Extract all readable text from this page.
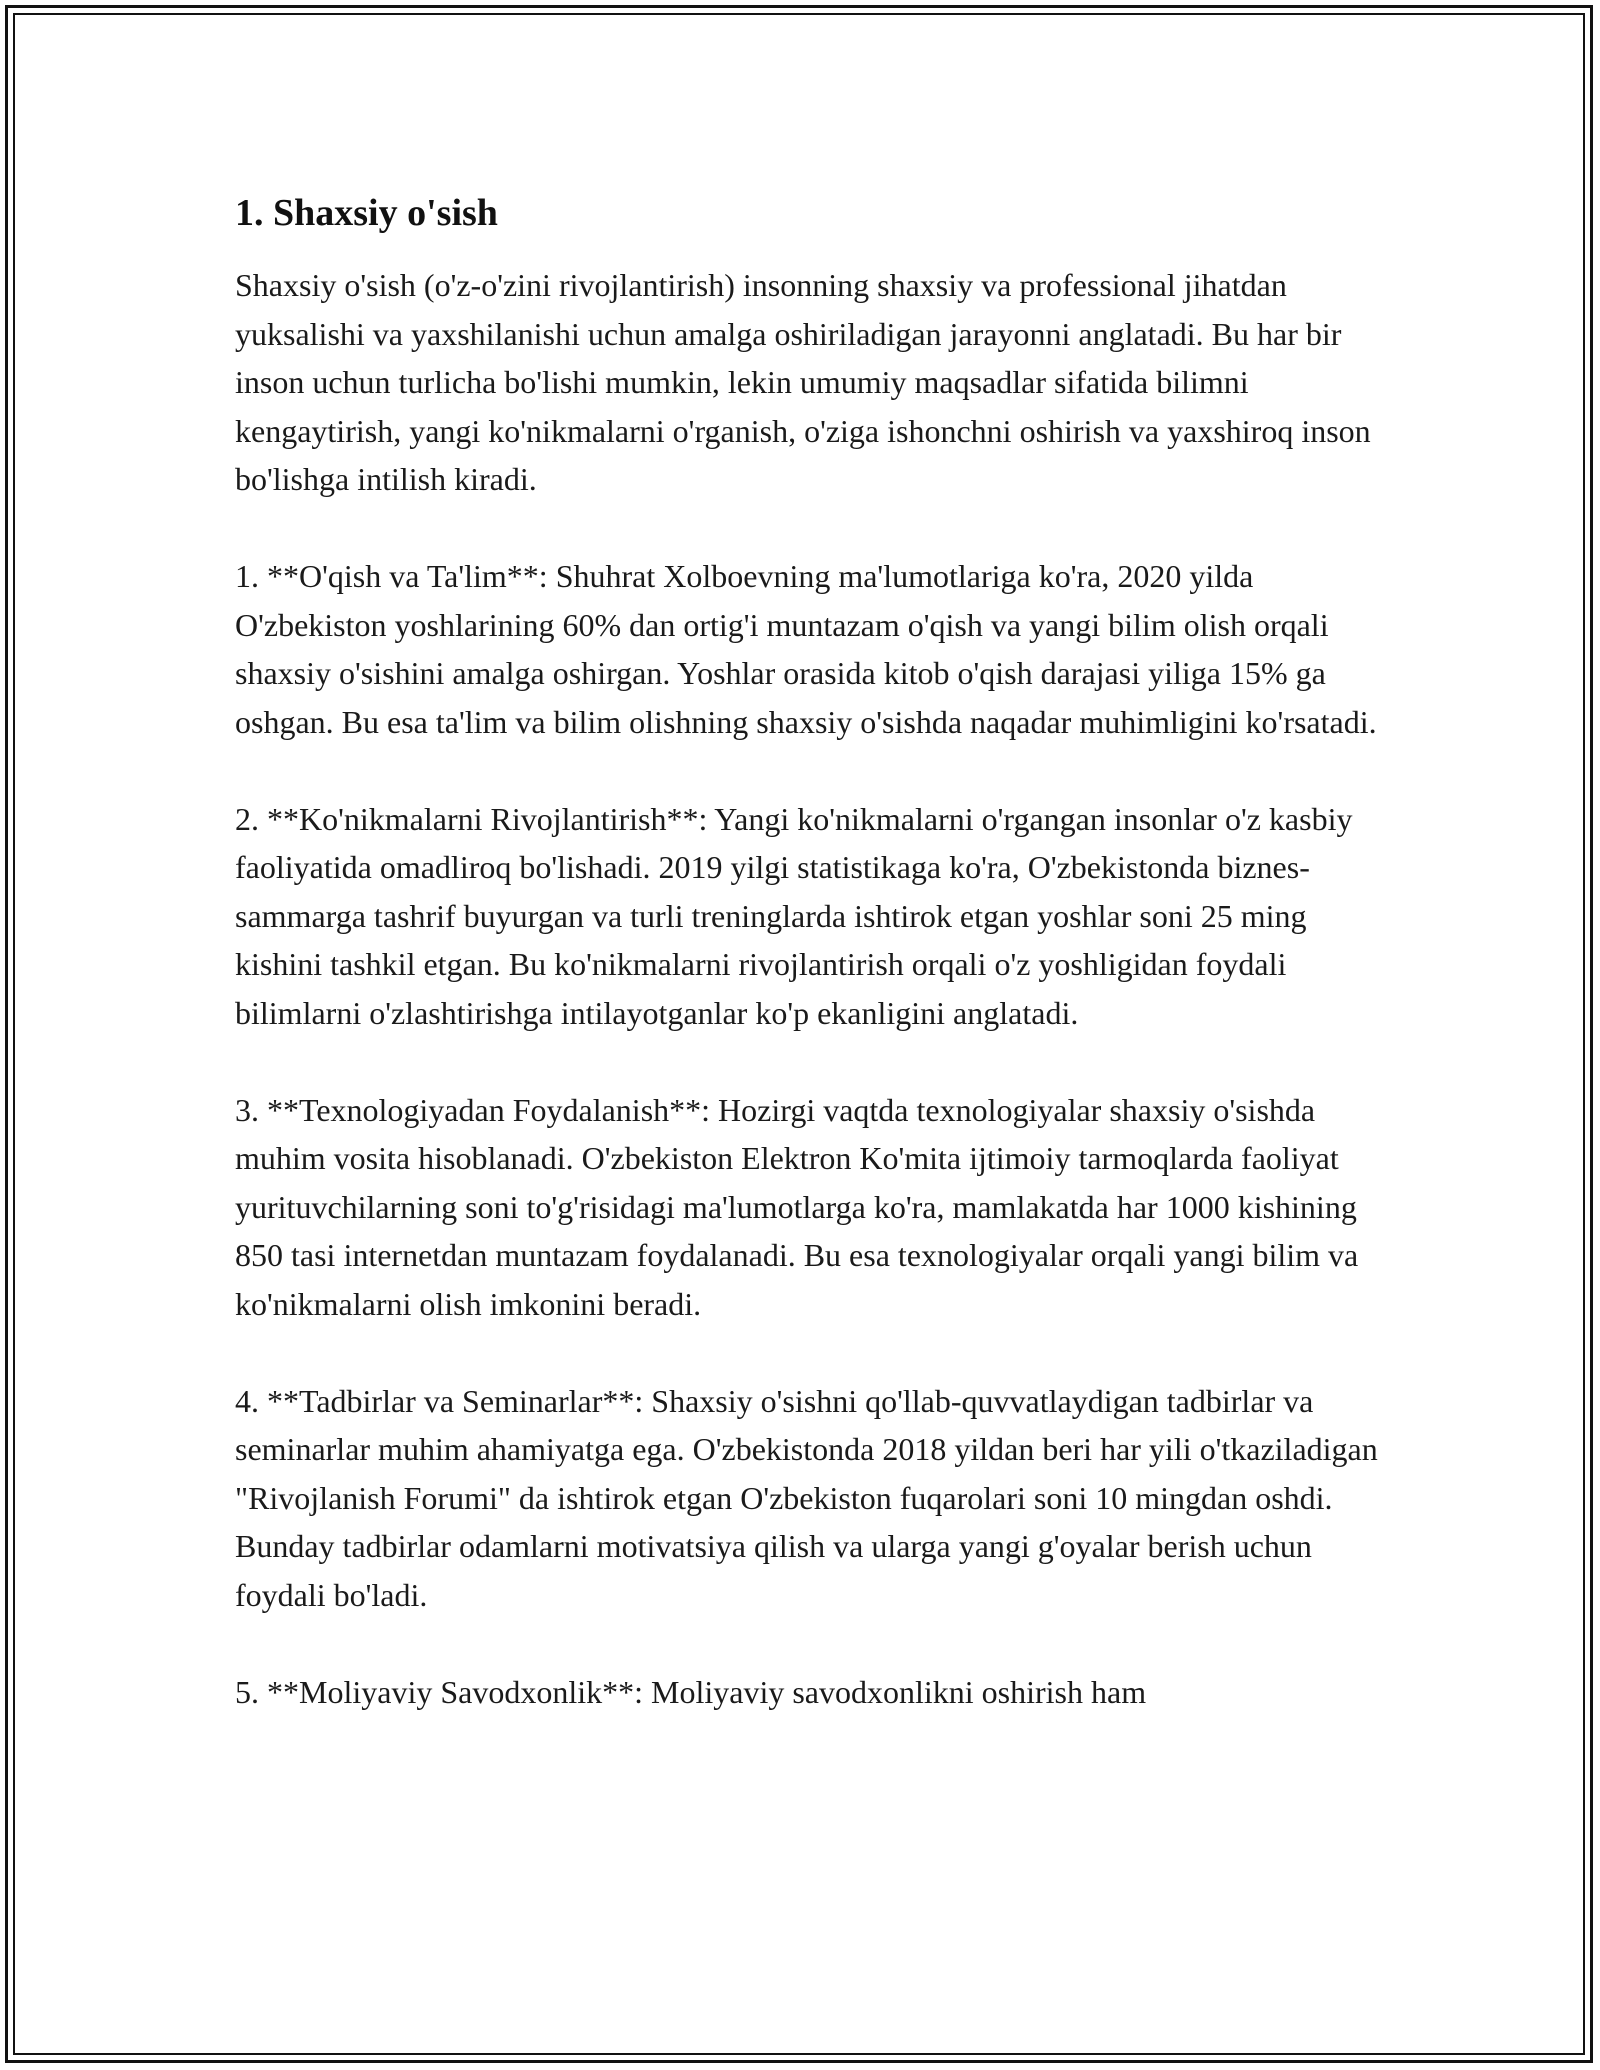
1. Shaxsiy o'sish

Shaxsiy o'sish (o'z-o'zini rivojlantirish) insonning shaxsiy va professional jihatdan yuksalishi va yaxshilanishi uchun amalga oshiriladigan jarayonni anglatadi. Bu har bir inson uchun turlicha bo'lishi mumkin, lekin umumiy maqsadlar sifatida bilimni kengaytirish, yangi ko'nikmalarni o'rganish, o'ziga ishonchni oshirish va yaxshiroq inson bo'lishga intilish kiradi.

1. **O'qish va Ta'lim**: Shuhrat Xolboevning ma'lumotlariga ko'ra, 2020 yilda O'zbekiston yoshlarining 60% dan ortig'i muntazam o'qish va yangi bilim olish orqali shaxsiy o'sishini amalga oshirgan. Yoshlar orasida kitob o'qish darajasi yiliga 15% ga oshgan. Bu esa ta'lim va bilim olishning shaxsiy o'sishda naqadar muhimligini ko'rsatadi.

2. **Ko'nikmalarni Rivojlantirish**: Yangi ko'nikmalarni o'rgangan insonlar o'z kasbiy faoliyatida omadliroq bo'lishadi. 2019 yilgi statistikaga ko'ra, O'zbekistonda biznes-sammarga tashrif buyurgan va turli treninglarda ishtirok etgan yoshlar soni 25 ming kishini tashkil etgan. Bu ko'nikmalarni rivojlantirish orqali o'z yoshligidan foydali bilimlarni o'zlashtirishga intilayotganlar ko'p ekanligini anglatadi.

3. **Texnologiyadan Foydalanish**: Hozirgi vaqtda texnologiyalar shaxsiy o'sishda muhim vosita hisoblanadi. O'zbekiston Elektron Ko'mita ijtimoiy tarmoqlarda faoliyat yurituvchilarning soni to'g'risidagi ma'lumotlarga ko'ra, mamlakatda har 1000 kishining 850 tasi internetdan muntazam foydalanadi. Bu esa texnologiyalar orqali yangi bilim va ko'nikmalarni olish imkonini beradi.

4. **Tadbirlar va Seminarlar**: Shaxsiy o'sishni qo'llab-quvvatlaydigan tadbirlar va seminarlar muhim ahamiyatga ega. O'zbekistonda 2018 yildan beri har yili o'tkaziladigan "Rivojlanish Forumi" da ishtirok etgan O'zbekiston fuqarolari soni 10 mingdan oshdi. Bunday tadbirlar odamlarni motivatsiya qilish va ularga yangi g'oyalar berish uchun foydali bo'ladi.

5. **Moliyaviy Savodxonlik**: Moliyaviy savodxonlikni oshirish ham
